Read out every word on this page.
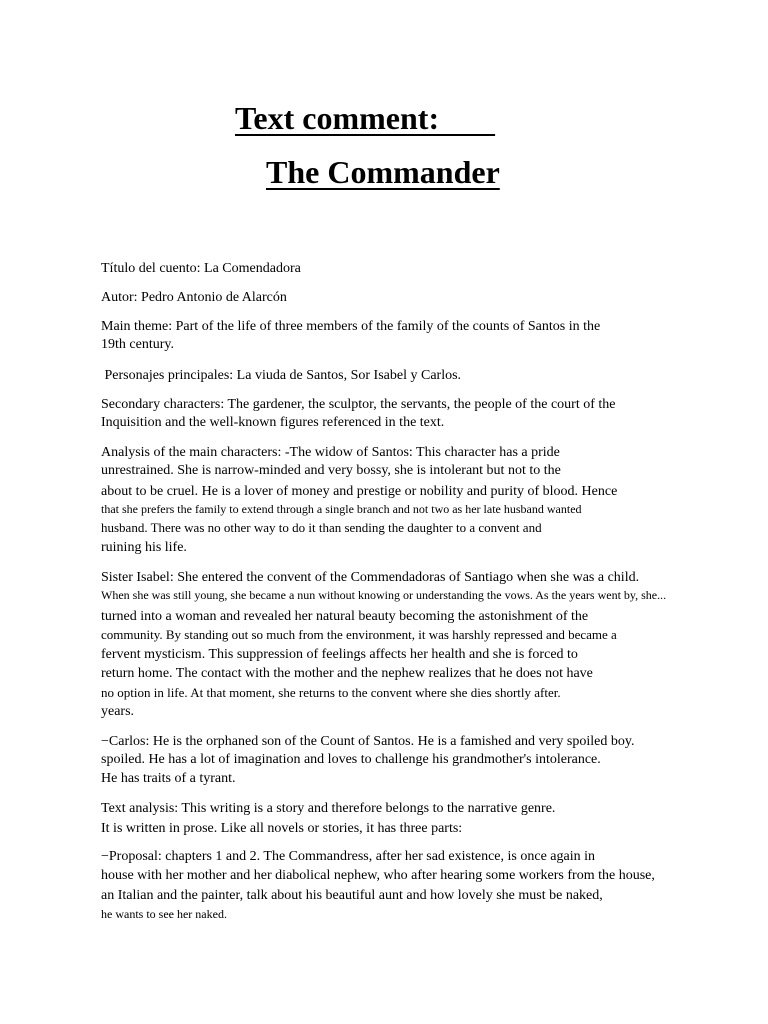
Text comment:
The Commander

Título del cuento: La Comendadora

Autor: Pedro Antonio de Alarcón

Main theme: Part of the life of three members of the family of the counts of Santos in the

19th century.

Personajes principales: La viuda de Santos, Sor Isabel y Carlos.

Secondary characters: The gardener, the sculptor, the servants, the people of the court of the

Inquisition and the well-known figures referenced in the text.

Analysis of the main characters: -The widow of Santos: This character has a pride

unrestrained. She is narrow-minded and very bossy, she is intolerant but not to the

about to be cruel. He is a lover of money and prestige or nobility and purity of blood. Hence

that she prefers the family to extend through a single branch and not two as her late husband wanted

husband. There was no other way to do it than sending the daughter to a convent and

ruining his life.

Sister Isabel: She entered the convent of the Commendadoras of Santiago when she was a child.

When she was still young, she became a nun without knowing or understanding the vows. As the years went by, she...

turned into a woman and revealed her natural beauty becoming the astonishment of the

community. By standing out so much from the environment, it was harshly repressed and became a

fervent mysticism. This suppression of feelings affects her health and she is forced to

return home. The contact with the mother and the nephew realizes that he does not have

no option in life. At that moment, she returns to the convent where she dies shortly after.

years.

−Carlos: He is the orphaned son of the Count of Santos. He is a famished and very spoiled boy.

spoiled. He has a lot of imagination and loves to challenge his grandmother's intolerance.

He has traits of a tyrant.

Text analysis: This writing is a story and therefore belongs to the narrative genre.

It is written in prose. Like all novels or stories, it has three parts:

−Proposal: chapters 1 and 2. The Commandress, after her sad existence, is once again in

house with her mother and her diabolical nephew, who after hearing some workers from the house,

an Italian and the painter, talk about his beautiful aunt and how lovely she must be naked,

he wants to see her naked.
